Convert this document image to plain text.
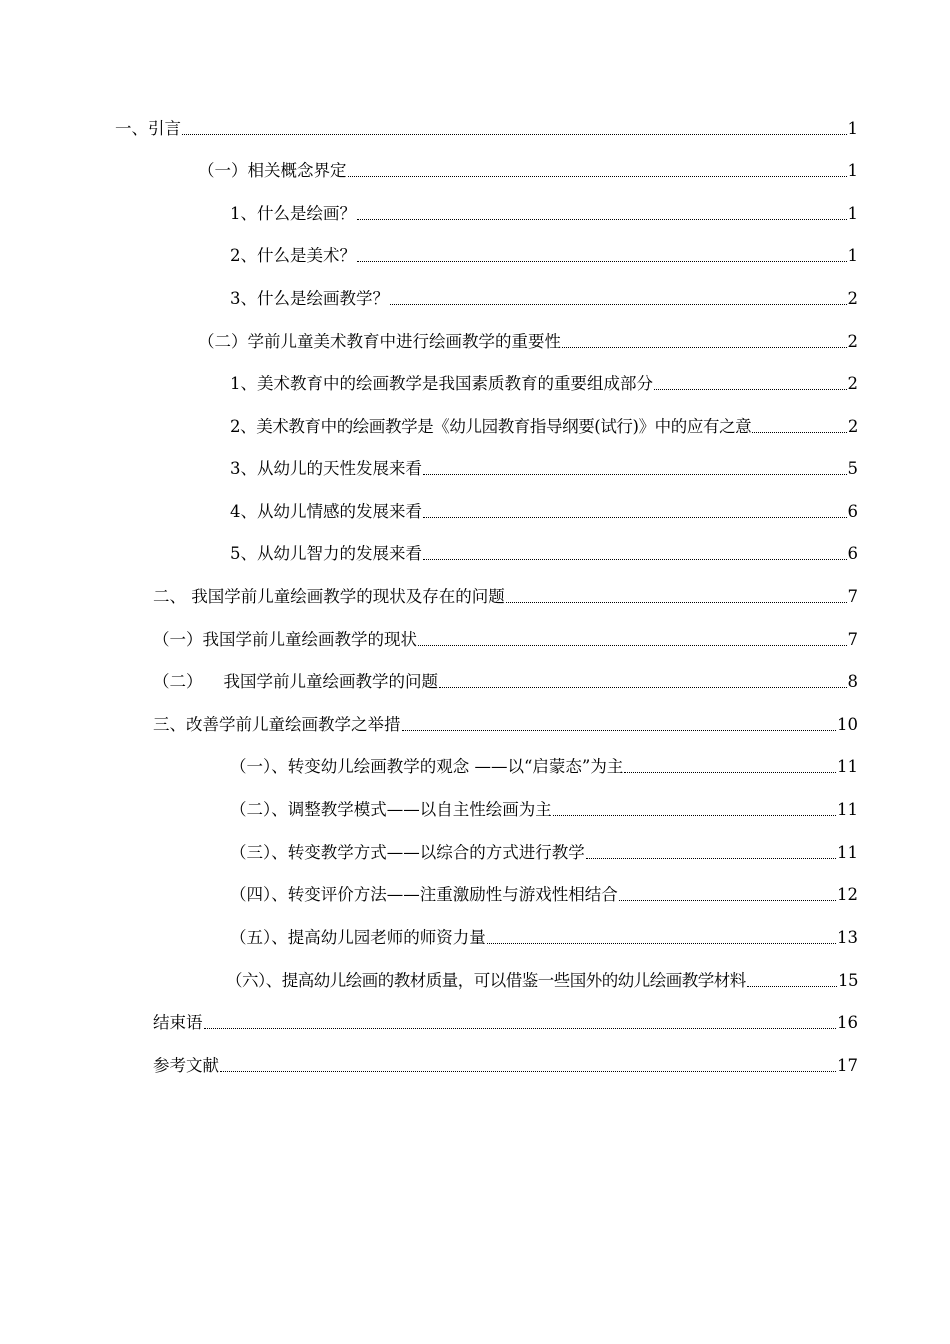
一、引言	1
（一）相关概念界定	1
1、什么是绘画？	1
2、什么是美术？	1
3、什么是绘画教学？	2
（二）学前儿童美术教育中进行绘画教学的重要性	2
1、美术教育中的绘画教学是我国素质教育的重要组成部分	2
2、美术教育中的绘画教学是《幼儿园教育指导纲要(试行)》中的应有之意	2
3、从幼儿的天性发展来看	5
4、从幼儿情感的发展来看	6
5、从幼儿智力的发展来看	6
二、 我国学前儿童绘画教学的现状及存在的问题	7
（一）我国学前儿童绘画教学的现状	7
（二）    我国学前儿童绘画教学的问题	8
三、改善学前儿童绘画教学之举措	10
（一）、转变幼儿绘画教学的观念 ——以“启蒙态”为主	11
（二）、调整教学模式——以自主性绘画为主	11
（三）、转变教学方式——以综合的方式进行教学	11
（四）、转变评价方法——注重激励性与游戏性相结合	12
（五）、提高幼儿园老师的师资力量	13
（六）、提高幼儿绘画的教材质量，可以借鉴一些国外的幼儿绘画教学材料	15
结束语	16
参考文献	17
